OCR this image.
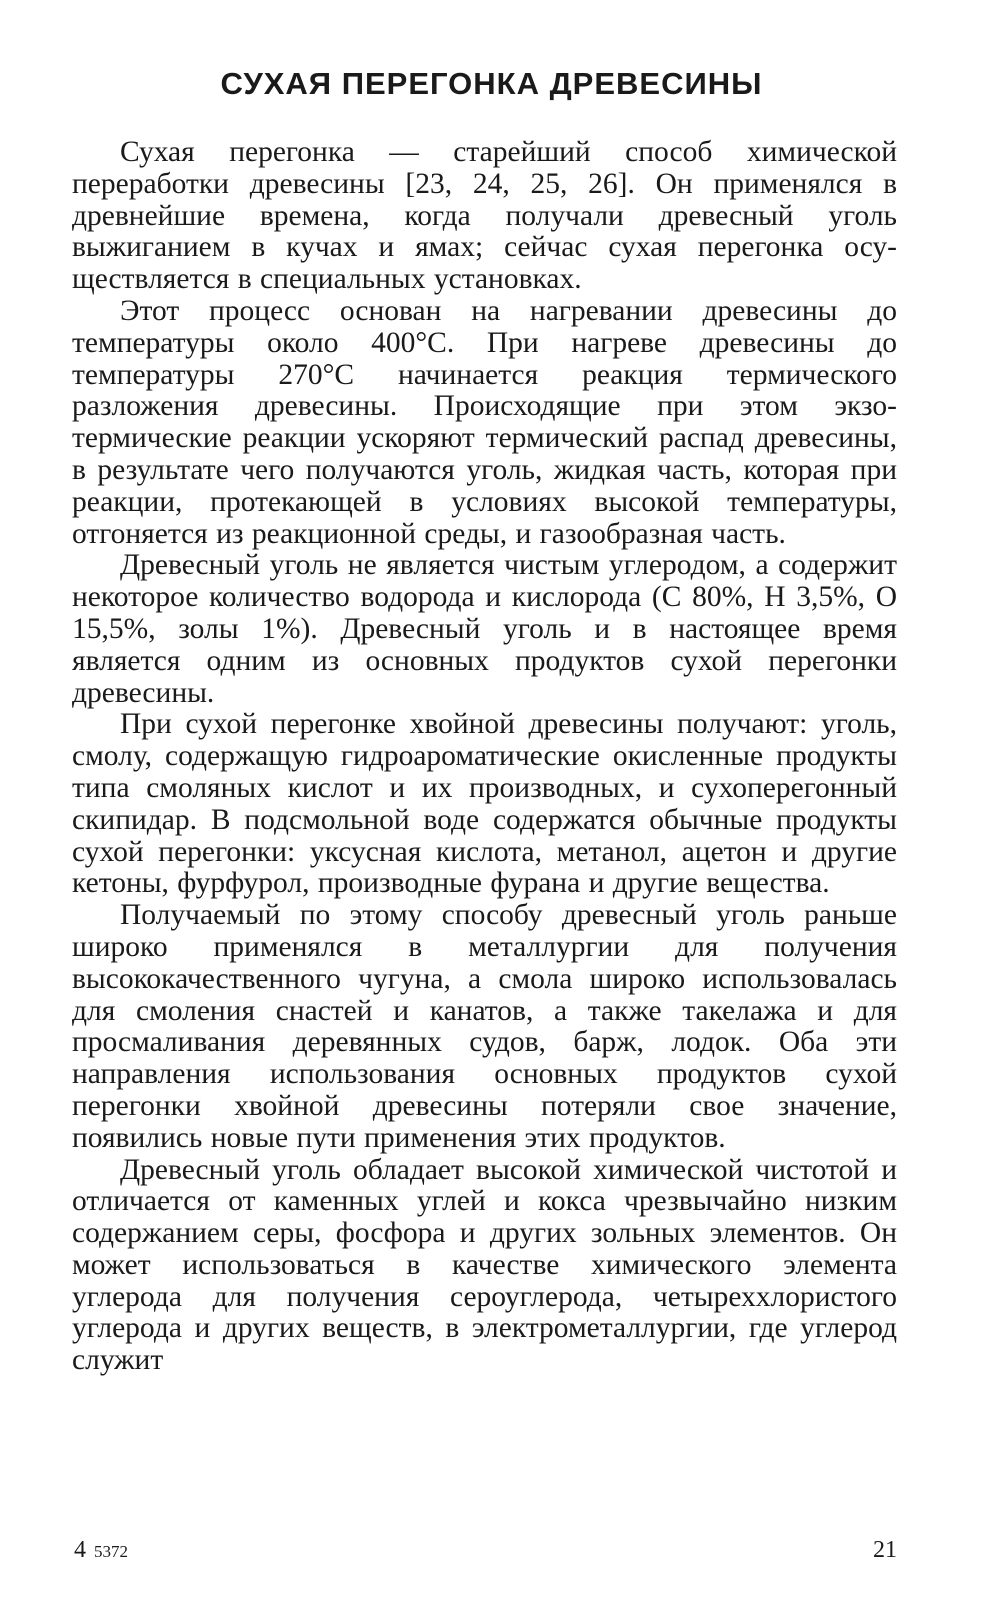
СУХАЯ ПЕРЕГОНКА ДРЕВЕСИНЫ

Сухая перегонка — старейший способ химической переработки древесины [23, 24, 25, 26]. Он применялся в древнейшие времена, когда получали древесный уголь выжиганием в кучах и ямах; сейчас сухая перегонка осуществляется в специальных установках.

Этот процесс основан на нагревании древесины до температуры около 400°C. При нагреве древесины до температуры 270°C начинается реакция термического разложения древесины. Происходящие при этом экзотермические реакции ускоряют термический распад древесины, в результате чего получаются уголь, жидкая часть, которая при реакции, протекающей в условиях высокой температуры, отгоняется из реакционной среды, и газообразная часть.

Древесный уголь не является чистым углеродом, а содержит некоторое количество водорода и кислорода (C 80%, H 3,5%, O 15,5%, золы 1%). Древесный уголь и в настоящее время является одним из основных продуктов сухой перегонки древесины.

При сухой перегонке хвойной древесины получают: уголь, смолу, содержащую гидроароматические окисленные продукты типа смоляных кислот и их производных, и сухоперегонный скипидар. В подсмольной воде содержатся обычные продукты сухой перегонки: уксусная кислота, метанол, ацетон и другие кетоны, фурфурол, производные фурана и другие вещества.

Получаемый по этому способу древесный уголь раньше широко применялся в металлургии для получения высококачественного чугуна, а смола широко использовалась для смоления снастей и канатов, а также такелажа и для просмаливания деревянных судов, барж, лодок. Оба эти направления использования основных продуктов сухой перегонки хвойной древесины потеряли свое значение, появились новые пути применения этих продуктов.

Древесный уголь обладает высокой химической чистотой и отличается от каменных углей и кокса чрезвычайно низким содержанием серы, фосфора и других зольных элементов. Он может использоваться в качестве химического элемента углерода для получения сероуглерода, четыреххлористого углерода и других веществ, в электрометаллургии, где углерод служит

4 5372	21
